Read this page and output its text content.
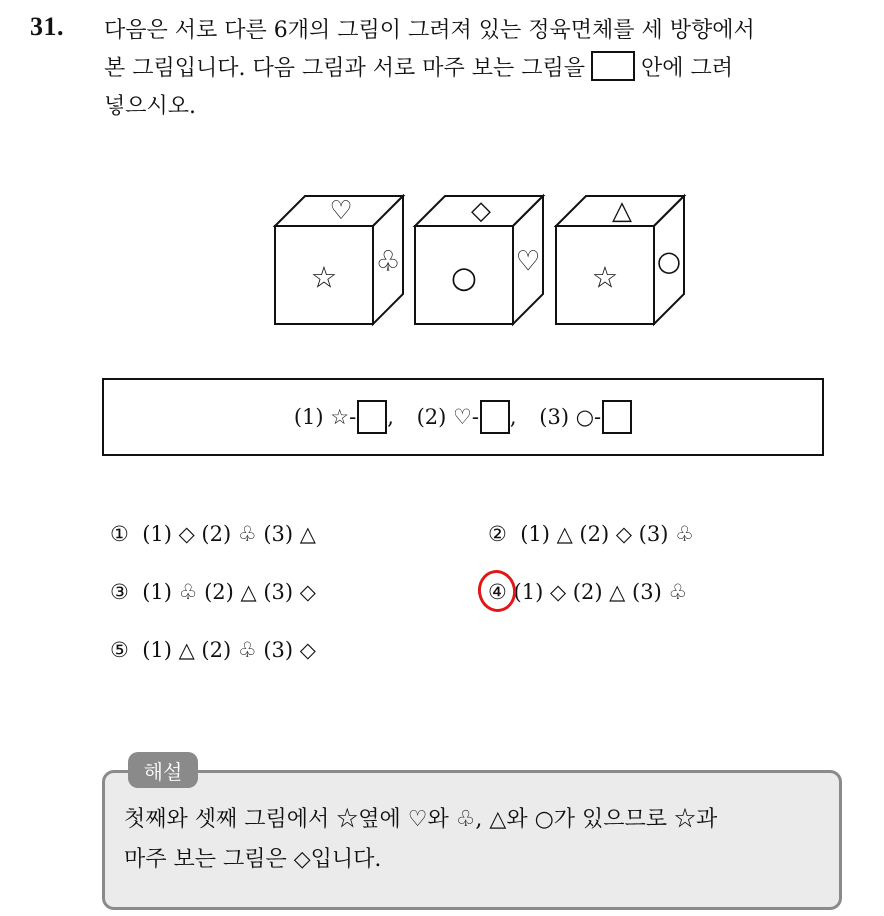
31. 다음은 서로 다른 6개의 그림이 그려져 있는 정육면체를 세 방향에서
본 그림입니다. 다음 그림과 서로 마주 보는 그림을	안에 그려
넣으시오.
♡
☆ ♧
◇
○ ♡
△
☆ ○
(1) ☆- ,
(2) ♡- ,
(3) ○-
① (1) ◇ (2) ♧ (3) △	② (1) △ (2) ◇ (3) ♧
③ (1) ♧ (2) △ (3) ◇	④ (1) ◇ (2) △ (3) ♧
⑤ (1) △ (2) ♧ (3) ◇
해설
첫째와 셋째 그림에서 ☆옆에 ♡와 ♧, △와 ○가 있으므로 ☆과
마주 보는 그림은 ◇입니다.
